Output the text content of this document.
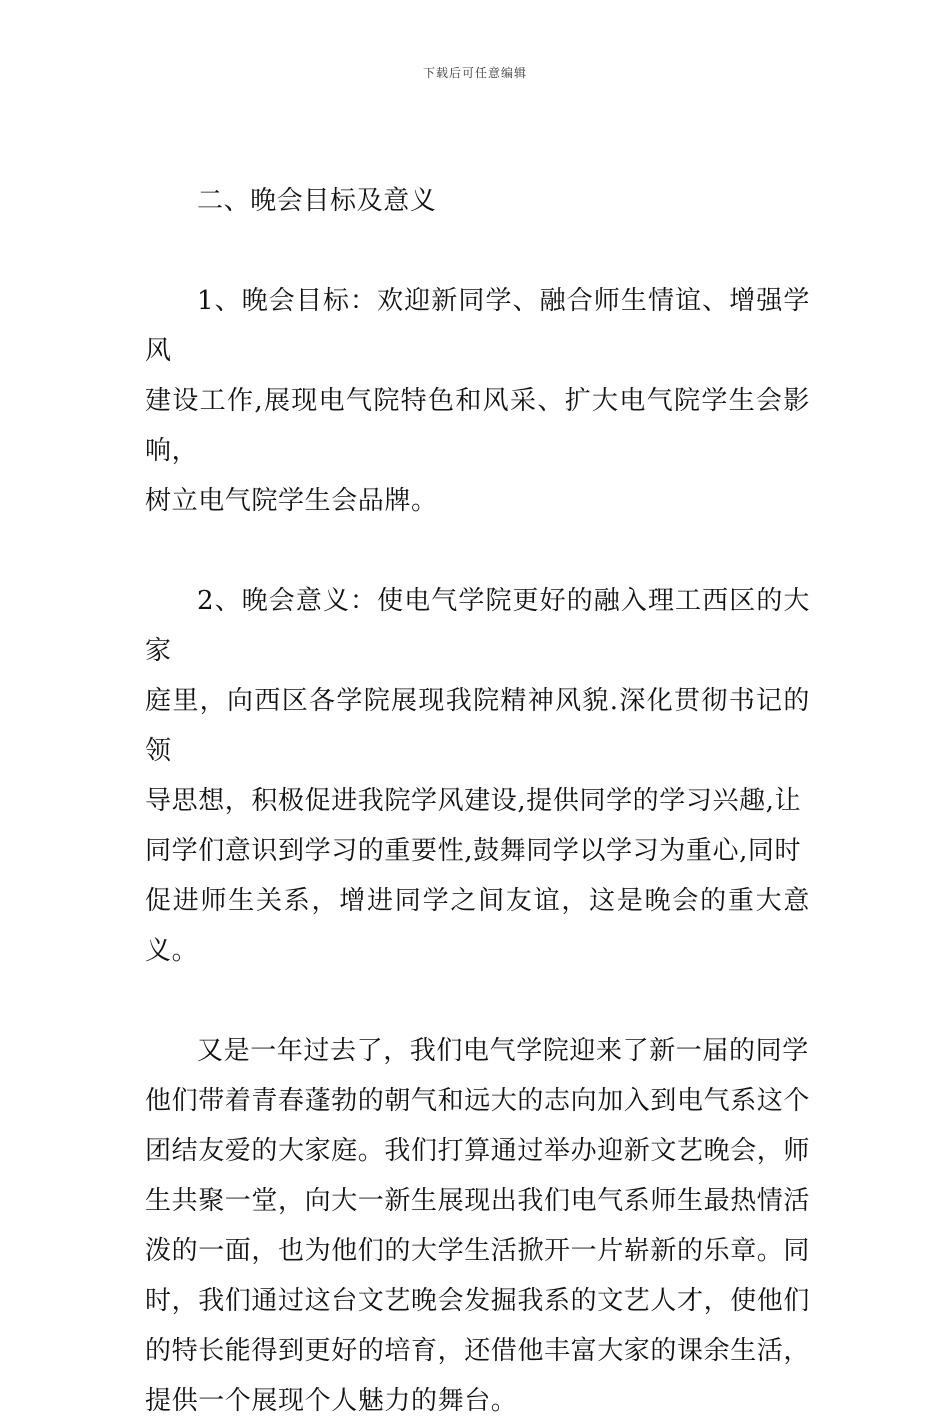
下载后可任意编辑

二、晚会目标及意义

1、晚会目标：欢迎新同学、融合师生情谊、增强学风
建设工作,展现电气院特色和风采、扩大电气院学生会影响，
树立电气院学生会品牌。

2、晚会意义：使电气学院更好的融入理工西区的大家
庭里，向西区各学院展现我院精神风貌.深化贯彻书记的领
导思想，积极促进我院学风建设,提供同学的学习兴趣,让
同学们意识到学习的重要性,鼓舞同学以学习为重心,同时
促进师生关系，增进同学之间友谊，这是晚会的重大意义。

又是一年过去了，我们电气学院迎来了新一届的同学
他们带着青春蓬勃的朝气和远大的志向加入到电气系这个
团结友爱的大家庭。我们打算通过举办迎新文艺晚会，师
生共聚一堂，向大一新生展现出我们电气系师生最热情活
泼的一面，也为他们的大学生活掀开一片崭新的乐章。同
时，我们通过这台文艺晚会发掘我系的文艺人才，使他们
的特长能得到更好的培育，还借他丰富大家的课余生活，
提供一个展现个人魅力的舞台。
